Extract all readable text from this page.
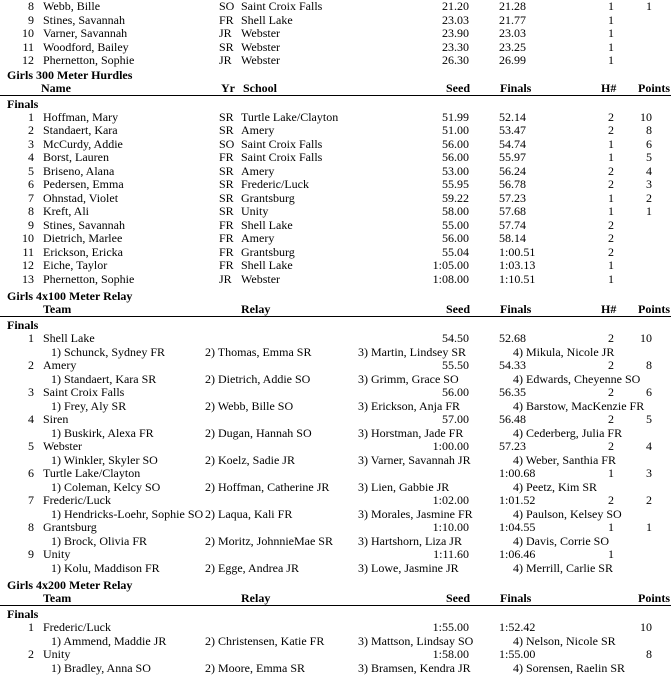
8 Webb, Bille	SO Saint Croix Falls	21.20	21.28	1	1
9 Stines, Savannah	FR Shell Lake	23.03	21.77	1
10 Varner, Savannah	JR Webster	23.90	23.03	1
11 Woodford, Bailey	SR Webster	23.30	23.25	1
12 Phernetton, Sophie	JR Webster	26.30	26.99	1
Girls 300 Meter Hurdles
Name	Yr School	Seed	Finals	H# Points
Finals
1 Hoffman, Mary	SR Turtle Lake/Clayton	51.99	52.14	2	10
2 Standaert, Kara	SR Amery	51.00	53.47	2	8
3 McCurdy, Addie	SO Saint Croix Falls	56.00	54.74	1	6
4 Borst, Lauren	FR Saint Croix Falls	56.00	55.97	1	5
5 Briseno, Alana	SR Amery	53.00	56.24	2	4
6 Pedersen, Emma	SR Frederic/Luck	55.95	56.78	2	3
7 Ohnstad, Violet	SR Grantsburg	59.22	57.23	1	2
8 Kreft, Ali	SR Unity	58.00	57.68	1	1
9 Stines, Savannah	FR Shell Lake	55.00	57.74	2
10 Dietrich, Marlee	FR Amery	56.00	58.14	2
11 Erickson, Ericka	FR Grantsburg	55.04	1:00.51	2
12 Eiche, Taylor	FR Shell Lake	1:05.00	1:03.13	1
13 Phernetton, Sophie	JR Webster	1:08.00	1:10.51	1
Girls 4x100 Meter Relay
Team	Relay	Seed	Finals	H# Points
Finals
1 Shell Lake	54.50	52.68	2	10
1) Schunck, Sydney FR	2) Thomas, Emma SR	3) Martin, Lindsey SR	4) Mikula, Nicole JR
2 Amery	55.50	54.33	2	8
1) Standaert, Kara SR	2) Dietrich, Addie SO	3) Grimm, Grace SO	4) Edwards, Cheyenne SO
3 Saint Croix Falls	56.00	56.35	2	6
1) Frey, Aly SR	2) Webb, Bille SO	3) Erickson, Anja FR	4) Barstow, MacKenzie FR
4 Siren	57.00	56.48	2	5
1) Buskirk, Alexa FR	2) Dugan, Hannah SO	3) Horstman, Jade FR	4) Cederberg, Julia FR
5 Webster	1:00.00	57.23	2	4
1) Winkler, Skyler SO	2) Koelz, Sadie JR	3) Varner, Savannah JR	4) Weber, Santhia FR
6 Turtle Lake/Clayton	1:00.68	1	3
1) Coleman, Kelcy SO	2) Hoffman, Catherine JR 3) Lien, Gabbie JR	4) Peetz, Kim SR
7 Frederic/Luck	1:02.00	1:01.52	2	2
1) Hendricks-Loehr, Sophie SO 2) Laqua, Kali FR	3) Morales, Jasmine FR	4) Paulson, Kelsey SO
8 Grantsburg	1:10.00	1:04.55	1	1
1) Brock, Olivia FR	2) Moritz, JohnnieMae SR 3) Hartshorn, Liza JR	4) Davis, Corrie SO
9 Unity	1:11.60	1:06.46	1
1) Kolu, Maddison FR	2) Egge, Andrea JR	3) Lowe, Jasmine JR	4) Merrill, Carlie SR
Girls 4x200 Meter Relay
Team	Relay	Seed	Finals	Points
Finals
1 Frederic/Luck	1:55.00	1:52.42	10
1) Ammend, Maddie JR	2) Christensen, Katie FR	3) Mattson, Lindsay SO	4) Nelson, Nicole SR
2 Unity	1:58.00	1:55.00	8
1) Bradley, Anna SO	2) Moore, Emma SR	3) Bramsen, Kendra JR	4) Sorensen, Raelin SR
